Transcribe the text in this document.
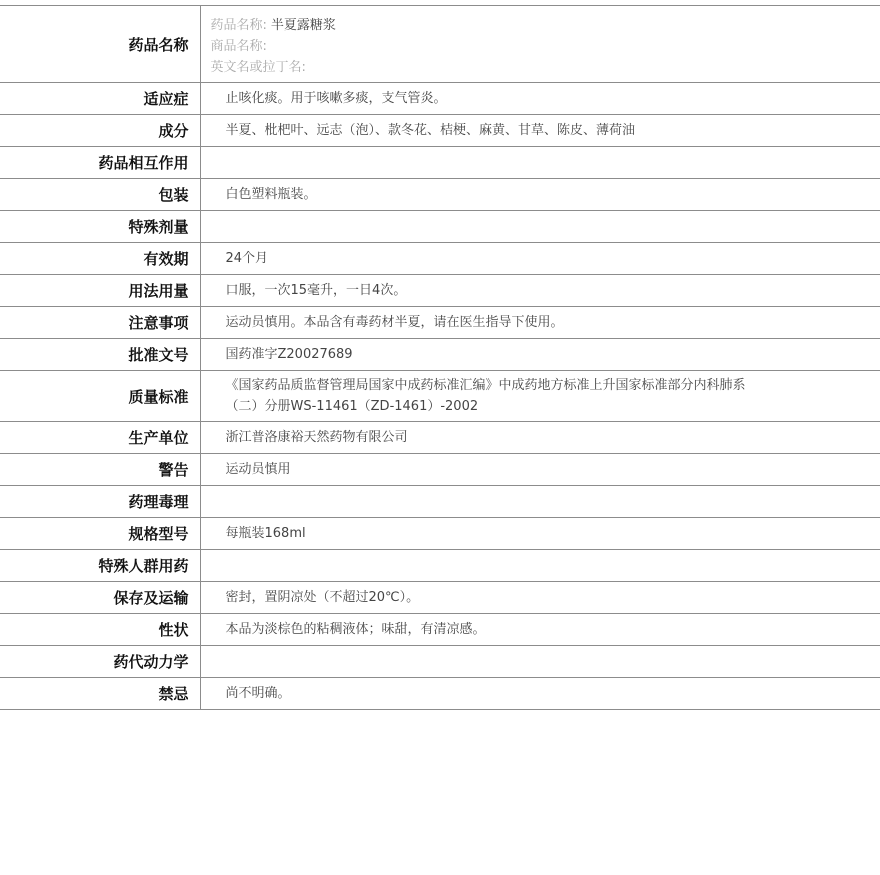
药品名称	药品名称: 半夏露糖浆
商品名称:
英文名或拉丁名:

适应症	止咳化痰。用于咳嗽多痰，支气管炎。
成分	半夏、枇杷叶、远志（泡）、款冬花、桔梗、麻黄、甘草、陈皮、薄荷油
药品相互作用	
包装	白色塑料瓶装。
特殊剂量	
有效期	24个月
用法用量	口服，一次15毫升，一日4次。
注意事项	运动员慎用。本品含有毒药材半夏，请在医生指导下使用。
批准文号	国药准字Z20027689
质量标准	《国家药品质监督管理局国家中成药标准汇编》中成药地方标准上升国家标准部分内科肺系
（二）分册WS-11461（ZD-1461）-2002

生产单位	浙江普洛康裕天然药物有限公司
警告	运动员慎用
药理毒理	
规格型号	每瓶装168ml
特殊人群用药	
保存及运输	密封，置阴凉处（不超过20℃）。
性状	本品为淡棕色的粘稠液体；味甜，有清凉感。
药代动力学	
禁忌	尚不明确。
